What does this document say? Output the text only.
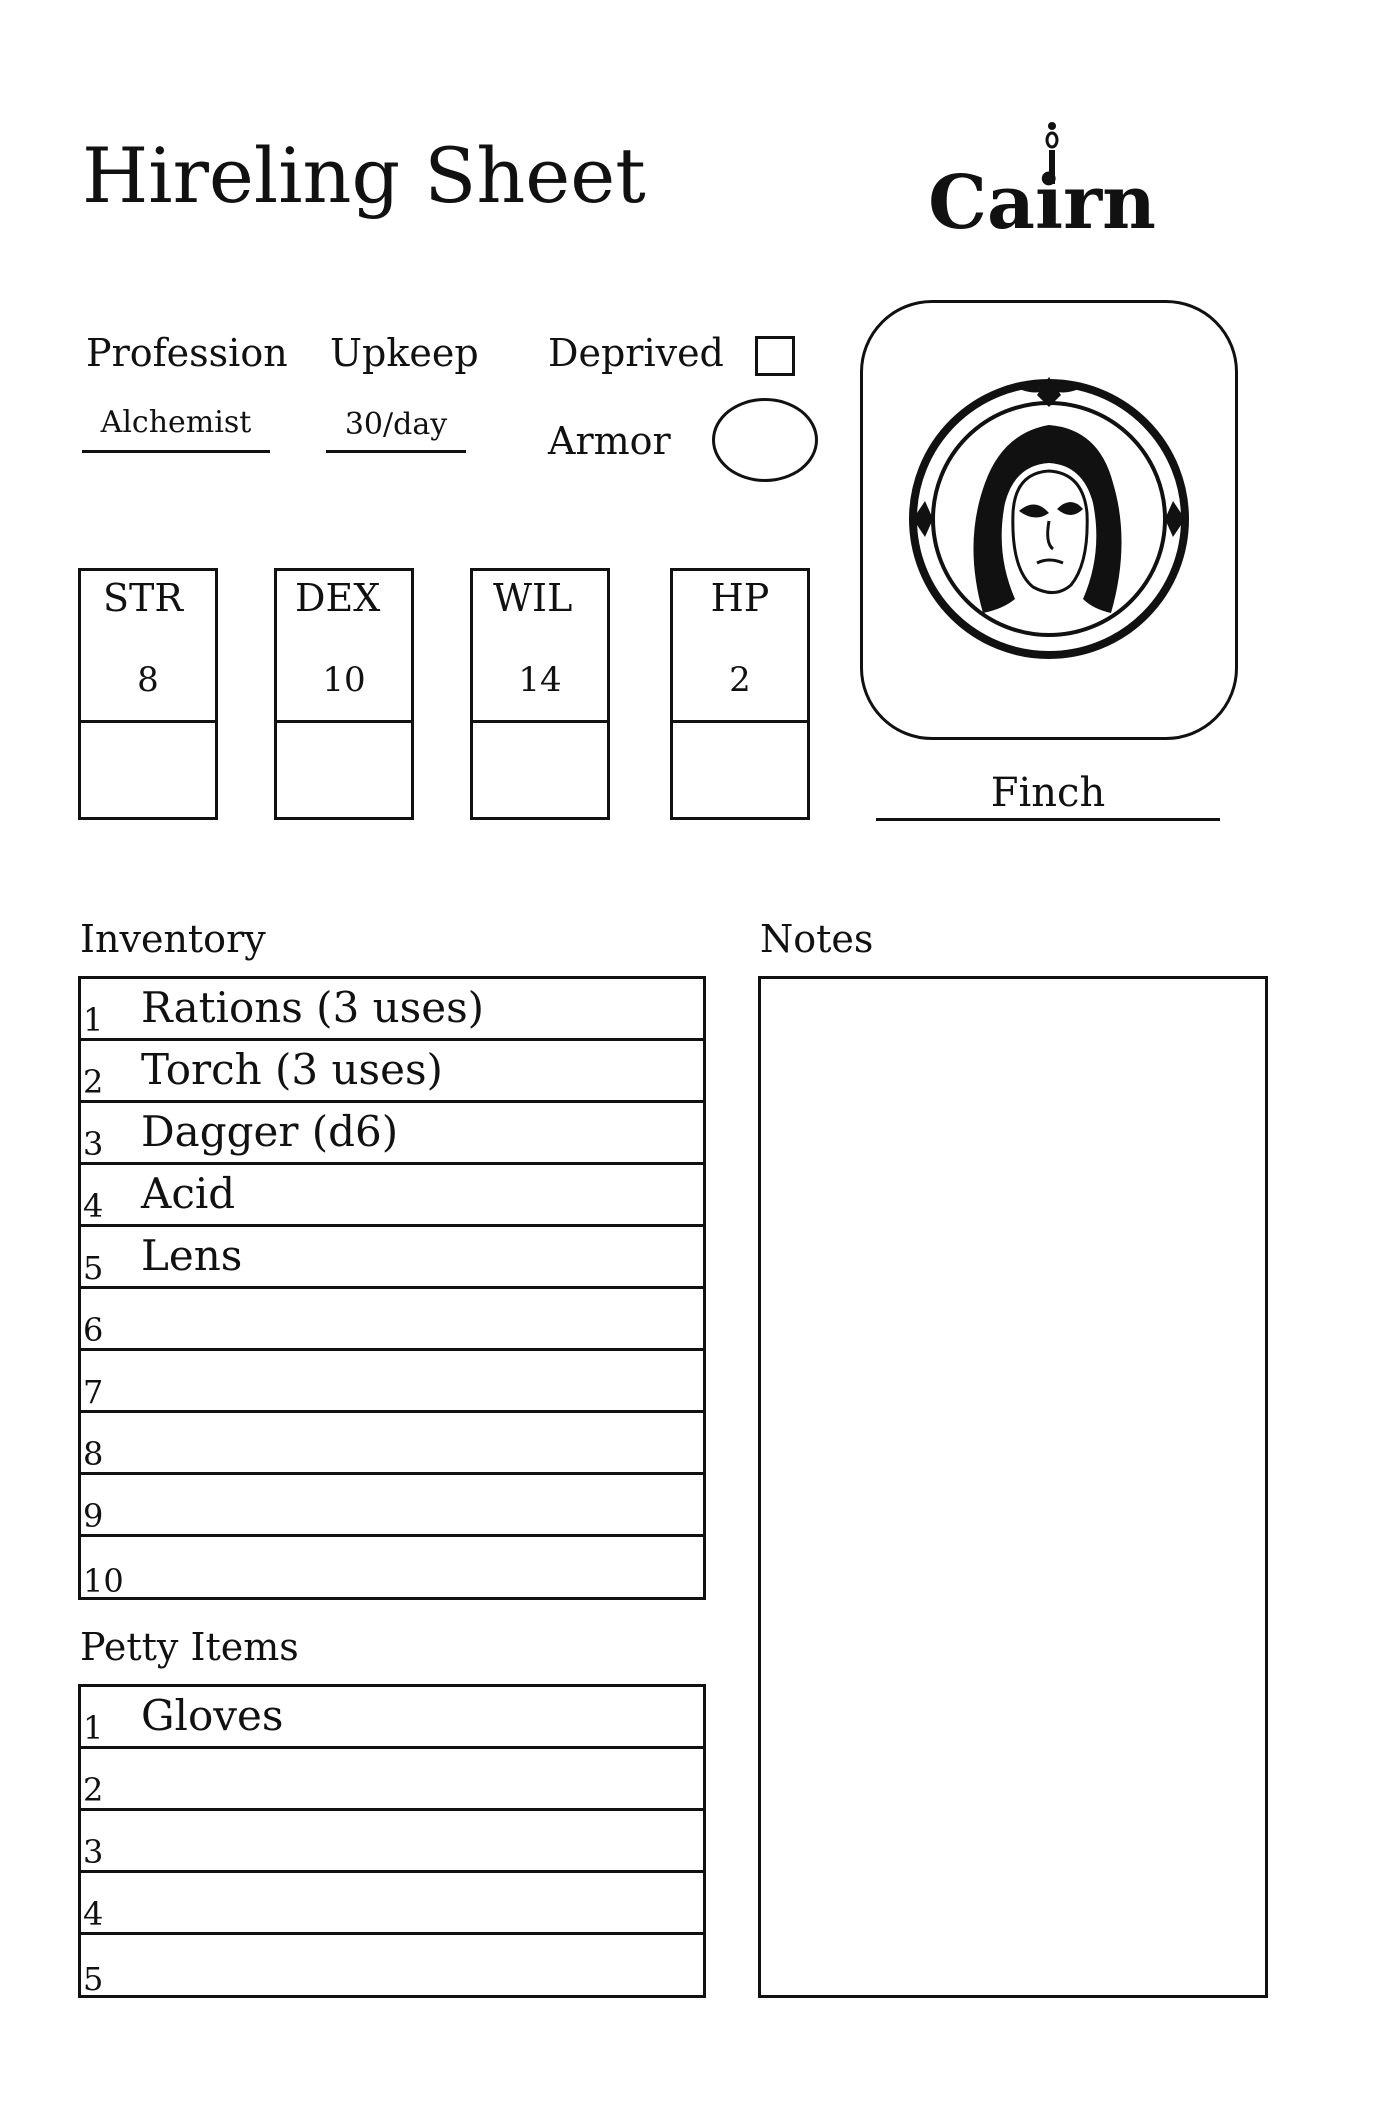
Hireling Sheet	Cairn
Profession
Alchemist
Upkeep
30/day
Deprived
Armor
STR
8
DEX
10
WIL
14
HP
2
Finch
Inventory
1 Rations (3 uses)
2 Torch (3 uses)
3 Dagger (d6)
4 Acid
5 Lens
6
7
8
9
10
Petty Items
1 Gloves
2
3
4
5
Notes
